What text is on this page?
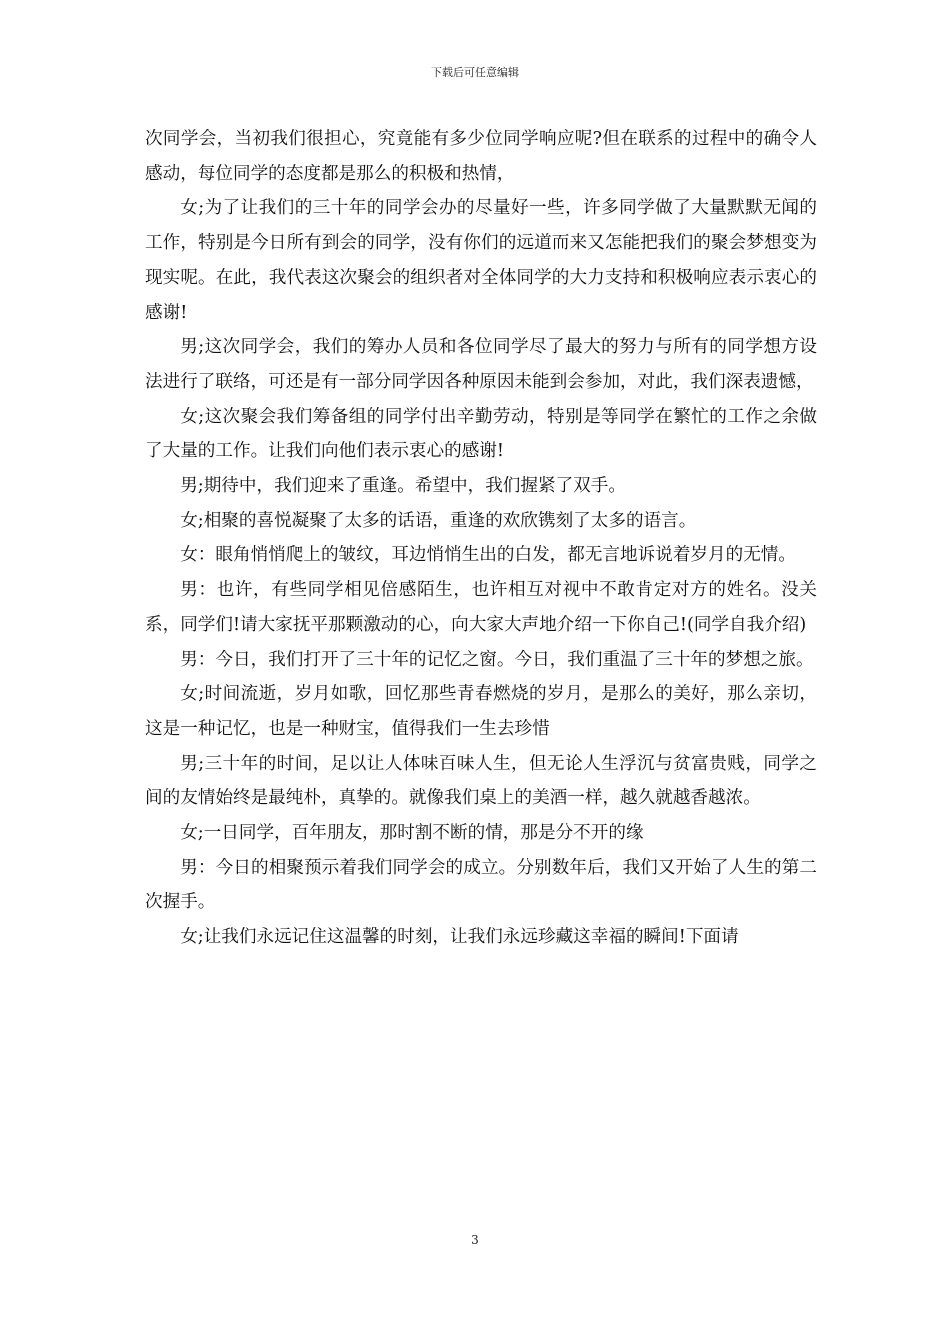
下载后可任意编辑

次同学会，当初我们很担心，究竟能有多少位同学响应呢?但在联系的过程中的确令人感动，每位同学的态度都是那么的积极和热情，

女;为了让我们的三十年的同学会办的尽量好一些，许多同学做了大量默默无闻的工作，特别是今日所有到会的同学，没有你们的远道而来又怎能把我们的聚会梦想变为现实呢。在此，我代表这次聚会的组织者对全体同学的大力支持和积极响应表示衷心的感谢!

男;这次同学会，我们的筹办人员和各位同学尽了最大的努力与所有的同学想方设法进行了联络，可还是有一部分同学因各种原因未能到会参加，对此，我们深表遗憾，

女;这次聚会我们筹备组的同学付出辛勤劳动，特别是等同学在繁忙的工作之余做了大量的工作。让我们向他们表示衷心的感谢!

男;期待中，我们迎来了重逢。希望中，我们握紧了双手。

女;相聚的喜悦凝聚了太多的话语，重逢的欢欣镌刻了太多的语言。

女：眼角悄悄爬上的皱纹，耳边悄悄生出的白发，都无言地诉说着岁月的无情。

男：也许，有些同学相见倍感陌生，也许相互对视中不敢肯定对方的姓名。没关系，同学们!请大家抚平那颗激动的心，向大家大声地介绍一下你自己!(同学自我介绍)

男：今日，我们打开了三十年的记忆之窗。今日，我们重温了三十年的梦想之旅。

女;时间流逝，岁月如歌，回忆那些青春燃烧的岁月，是那么的美好，那么亲切，这是一种记忆，也是一种财宝，值得我们一生去珍惜

男;三十年的时间，足以让人体味百味人生，但无论人生浮沉与贫富贵贱，同学之间的友情始终是最纯朴，真挚的。就像我们桌上的美酒一样，越久就越香越浓。

女;一日同学，百年朋友，那时割不断的情，那是分不开的缘

男：今日的相聚预示着我们同学会的成立。分别数年后，我们又开始了人生的第二次握手。

女;让我们永远记住这温馨的时刻，让我们永远珍藏这幸福的瞬间!下面请

3
